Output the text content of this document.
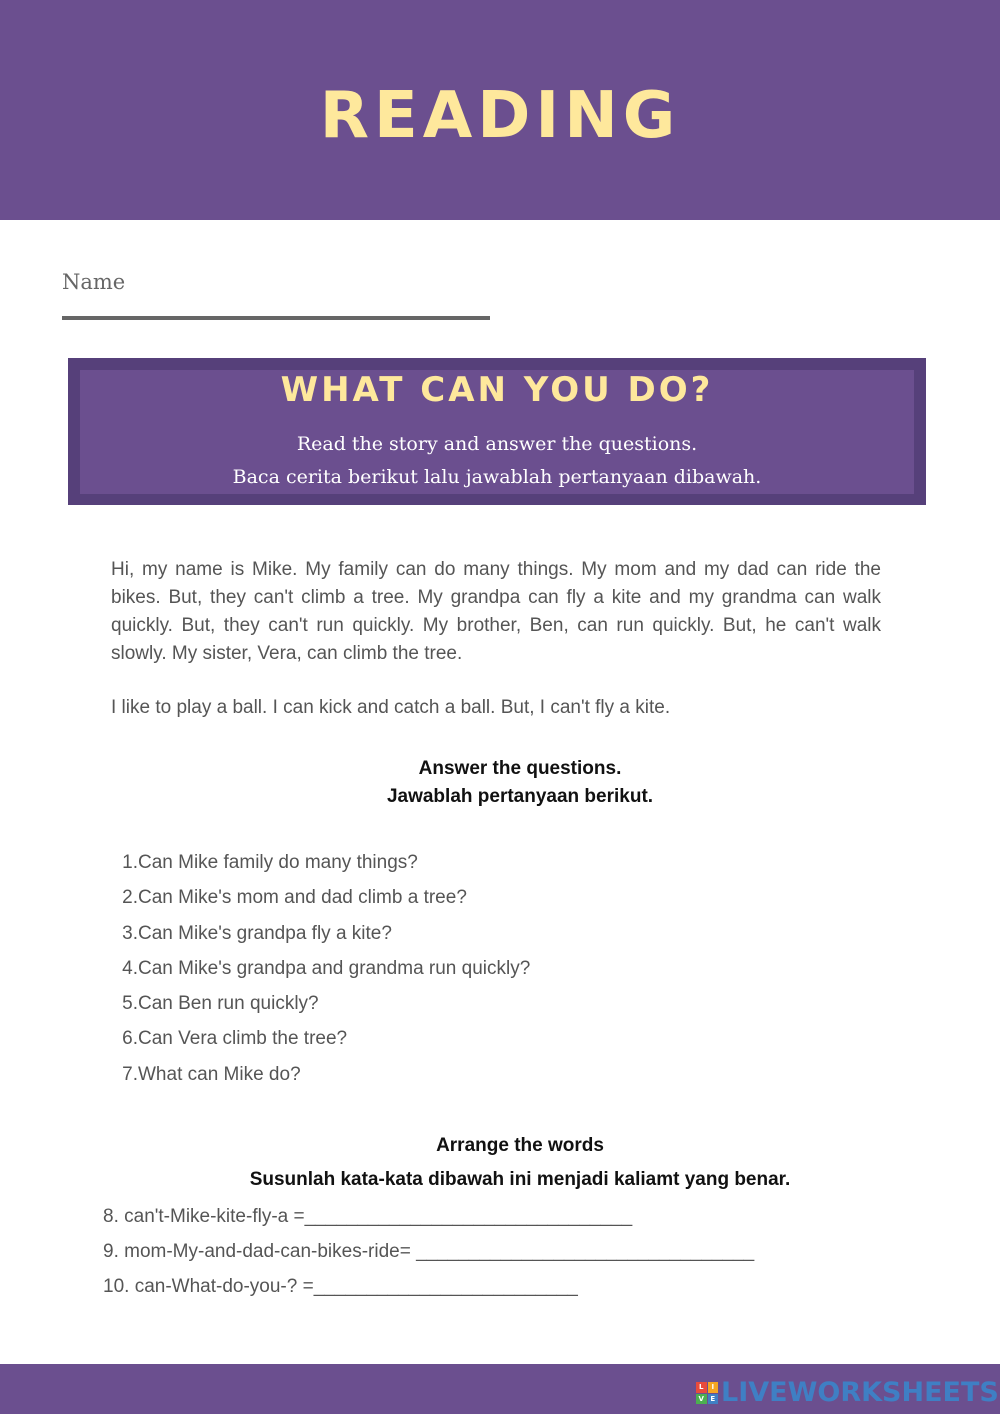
READING
Name
WHAT CAN YOU DO?
Read the story and answer the questions.
Baca cerita berikut lalu jawablah pertanyaan dibawah.

Hi, my name is Mike. My family can do many things. My mom and my dad can ride the bikes. But, they can't climb a tree. My grandpa can fly a kite and my grandma can walk quickly. But, they can't run quickly. My brother, Ben, can run quickly. But, he can't walk slowly. My sister, Vera, can climb the tree.

I like to play a ball. I can kick and catch a ball. But, I can't fly a kite.

Answer the questions.
Jawablah pertanyaan berikut.
1.Can Mike family do many things?
2.Can Mike's mom and dad climb a tree?
3.Can Mike's grandpa fly a kite?
4.Can Mike's grandpa and grandma run quickly?
5.Can Ben run quickly?
6.Can Vera climb the tree?
7.What can Mike do?
Arrange the words
Susunlah kata-kata dibawah ini menjadi kaliamt yang benar.
8. can't-Mike-kite-fly-a =_______________________________
9. mom-My-and-dad-can-bikes-ride= ________________________________
10. can-What-do-you-? =_________________________
L	I
V E LIVEWORKSHEETS
